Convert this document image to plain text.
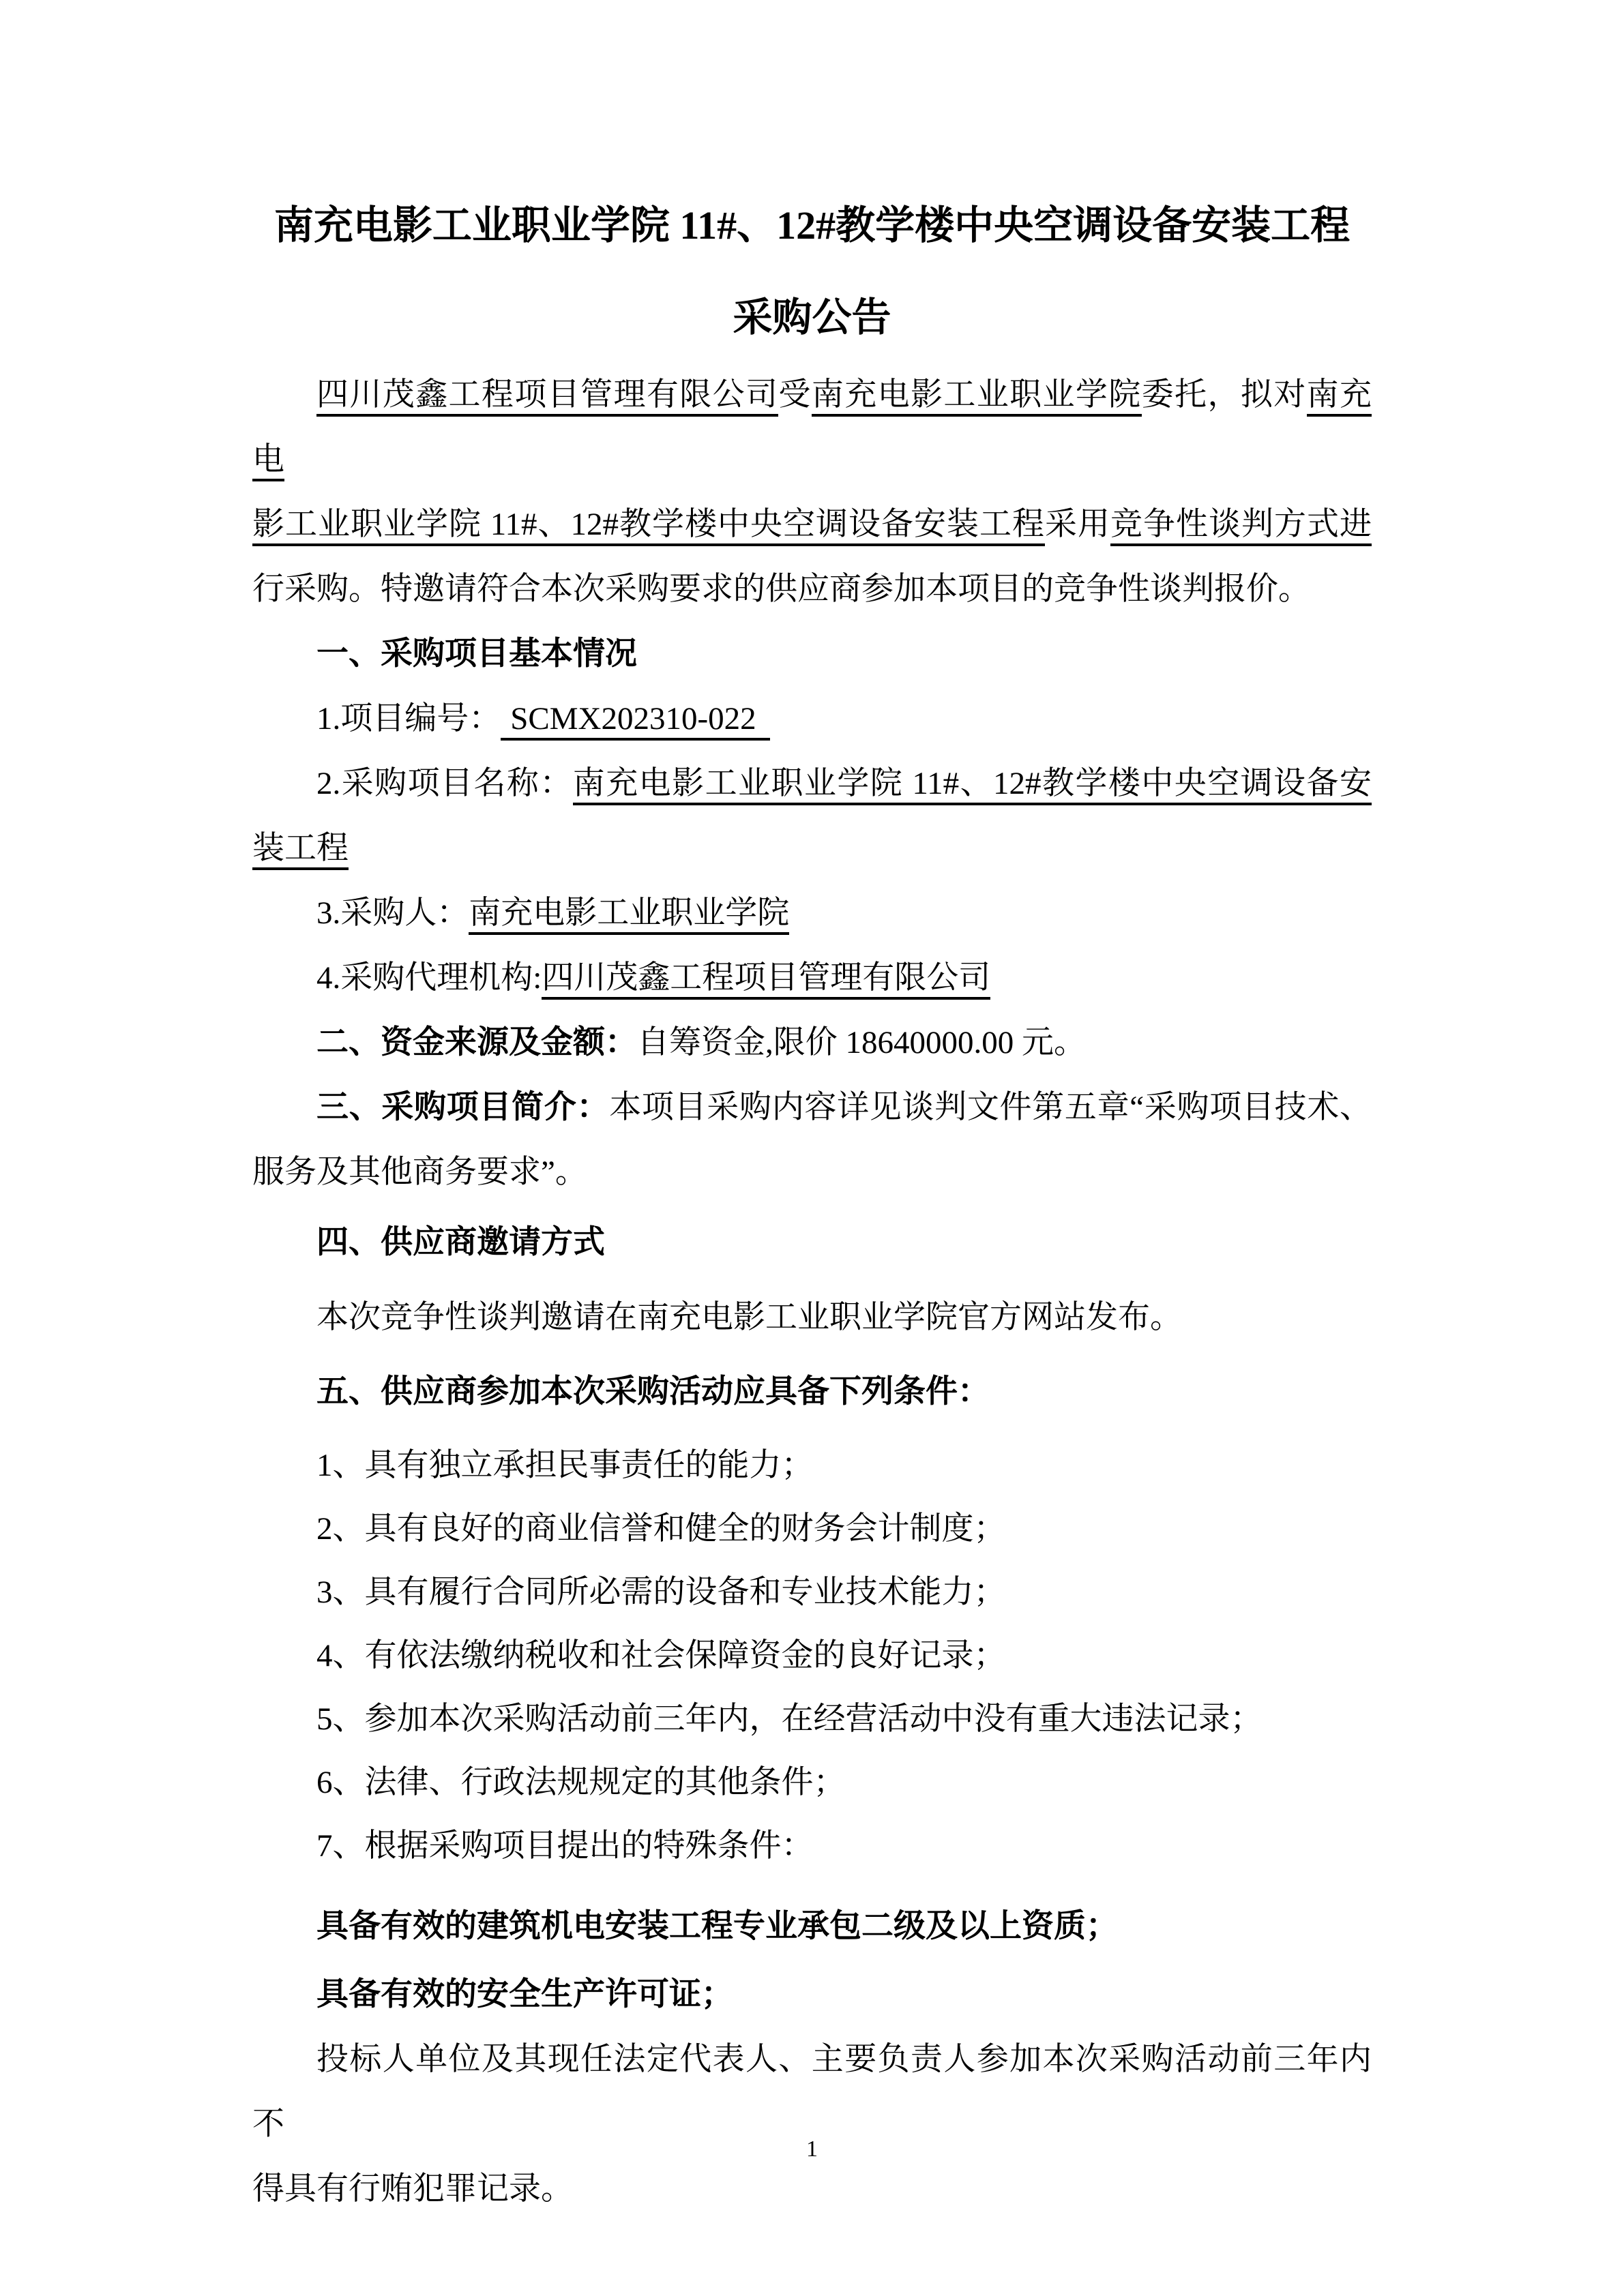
南充电影工业职业学院 11#、12#教学楼中央空调设备安装工程
采购公告
四川茂鑫工程项目管理有限公司受南充电影工业职业学院委托，拟对南充电
影工业职业学院 11#、12#教学楼中央空调设备安装工程采用竞争性谈判方式进
行采购。特邀请符合本次采购要求的供应商参加本项目的竞争性谈判报价。
一、采购项目基本情况
1.项目编号： SCMX202310-022
2.采购项目名称：南充电影工业职业学院 11#、12#教学楼中央空调设备安
装工程
3.采购人：南充电影工业职业学院
4.采购代理机构:四川茂鑫工程项目管理有限公司
二、资金来源及金额：自筹资金,限价 18640000.00 元。
三、采购项目简介：本项目采购内容详见谈判文件第五章“采购项目技术、
服务及其他商务要求”。
四、供应商邀请方式
本次竞争性谈判邀请在南充电影工业职业学院官方网站发布。
五、供应商参加本次采购活动应具备下列条件：
1、具有独立承担民事责任的能力；
2、具有良好的商业信誉和健全的财务会计制度；
3、具有履行合同所必需的设备和专业技术能力；
4、有依法缴纳税收和社会保障资金的良好记录；
5、参加本次采购活动前三年内，在经营活动中没有重大违法记录；
6、法律、行政法规规定的其他条件；
7、根据采购项目提出的特殊条件：
具备有效的建筑机电安装工程专业承包二级及以上资质；
具备有效的安全生产许可证；
投标人单位及其现任法定代表人、主要负责人参加本次采购活动前三年内不
得具有行贿犯罪记录。
1
